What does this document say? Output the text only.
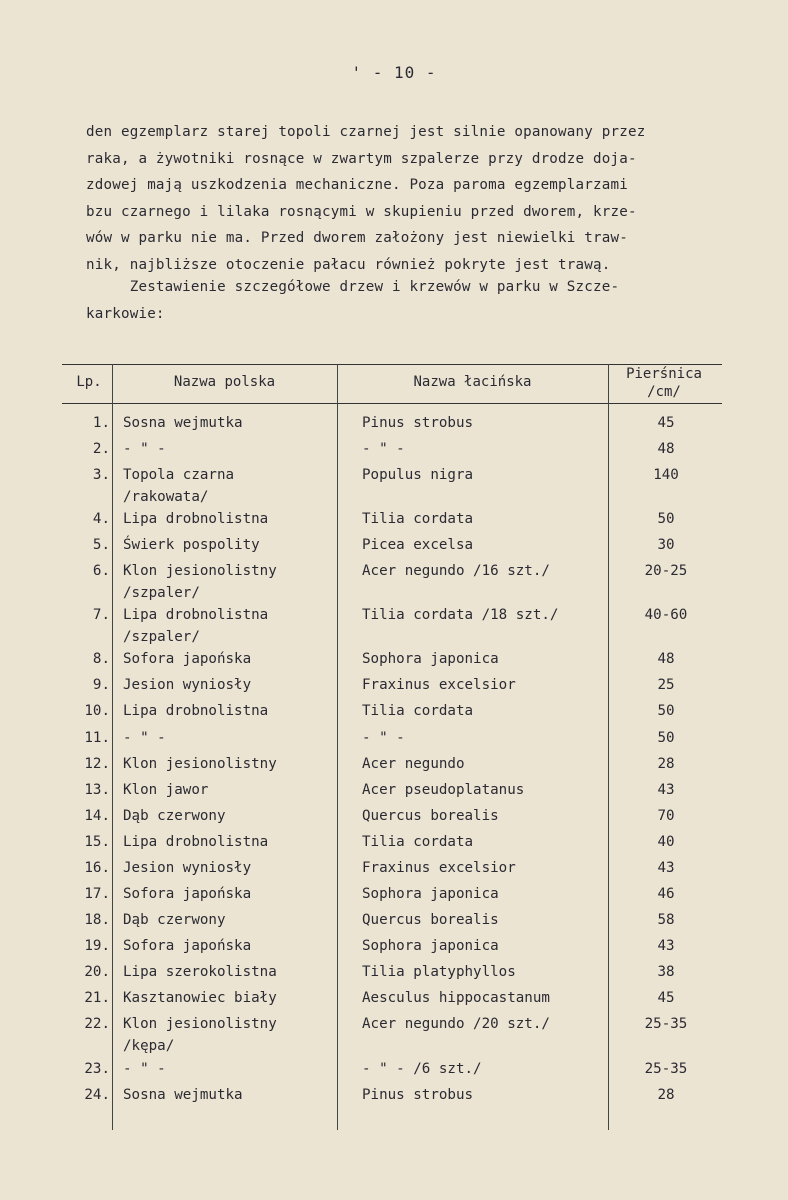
' - 10 -
den egzemplarz starej topoli czarnej jest silnie opanowany przez
raka, a żywotniki rosnące w zwartym szpalerze przy drodze doja-
zdowej mają uszkodzenia mechaniczne. Poza paroma egzemplarzami
bzu czarnego i lilaka rosnącymi w skupieniu przed dworem, krze-
wów w parku nie ma. Przed dworem założony jest niewielki traw-
nik, najbliższe otoczenie pałacu również pokryte jest trawą.
Zestawienie szczegółowe drzew i krzewów w parku w Szcze-
karkowie:
Lp.	Nazwa polska	Nazwa łacińska	Pierśnica
/cm/
1. Sosna wejmutka	Pinus strobus	45
2. - " -	- " -	48
3. Topola czarna
/rakowata/
Populus nigra	140
4. Lipa drobnolistna	Tilia cordata	50
5. Świerk pospolity	Picea excelsa	30
6. Klon jesionolistny
/szpaler/
Acer negundo /16 szt./	20-25
7. Lipa drobnolistna
/szpaler/
Tilia cordata /18 szt./	40-60
8. Sofora japońska	Sophora japonica	48
9. Jesion wyniosły	Fraxinus excelsior	25
10. Lipa drobnolistna	Tilia cordata	50
11. - " -	- " -	50
12. Klon jesionolistny	Acer negundo	28
13. Klon jawor	Acer pseudoplatanus	43
14. Dąb czerwony	Quercus borealis	70
15. Lipa drobnolistna	Tilia cordata	40
16. Jesion wyniosły	Fraxinus excelsior	43
17. Sofora japońska	Sophora japonica	46
18. Dąb czerwony	Quercus borealis	58
19. Sofora japońska	Sophora japonica	43
20. Lipa szerokolistna	Tilia platyphyllos	38
21. Kasztanowiec biały	Aesculus hippocastanum	45
22. Klon jesionolistny
/kępa/
Acer negundo /20 szt./	25-35
23. - " -	- " - /6 szt./	25-35
24. Sosna wejmutka	Pinus strobus	28
